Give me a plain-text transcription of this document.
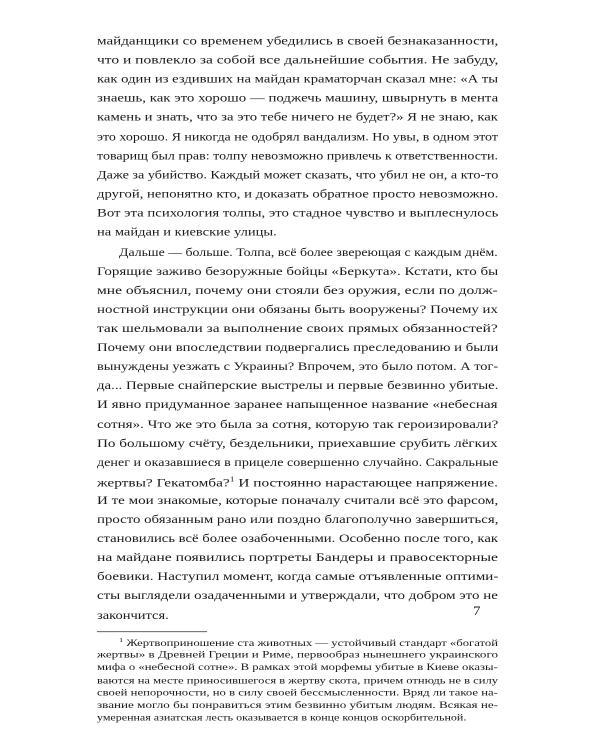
майданщики со временем убедились в своей безнаказанности,
что и повлекло за собой все дальнейшие события. Не забуду,
как один из ездивших на майдан краматорчан сказал мне: «А ты
знаешь, как это хорошо — поджечь машину, швырнуть в мента
камень и знать, что за это тебе ничего не будет?» Я не знаю, как
это хорошо. Я никогда не одобрял вандализм. Но увы, в одном этот
товарищ был прав: толпу невозможно привлечь к ответственности.
Даже за убийство. Каждый может сказать, что убил не он, а кто-то
другой, непонятно кто, и доказать обратное просто невозможно.
Вот эта психология толпы, это стадное чувство и выплеснулось
на майдан и киевские улицы.
Дальше — больше. Толпа, всё более звереющая с каждым днём.
Горящие заживо безоружные бойцы «Беркута». Кстати, кто бы
мне объяснил, почему они стояли без оружия, если по долж-
ностной инструкции они обязаны быть вооружены? Почему их
так шельмовали за выполнение своих прямых обязанностей?
Почему они впоследствии подвергались преследованию и были
вынуждены уезжать с Украины? Впрочем, это было потом. А тог-
да... Первые снайперские выстрелы и первые безвинно убитые.
И явно придуманное заранее напыщенное название «небесная
сотня». Что же это была за сотня, которую так героизировали?
По большому счёту, бездельники, приехавшие срубить лёгких
денег и оказавшиеся в прицеле совершенно случайно. Сакральные
жертвы? Гекатомба?$^1$ И постоянно нарастающее напряжение.
И те мои знакомые, которые поначалу считали всё это фарсом,
просто обязанным рано или поздно благополучно завершиться,
становились всё более озабоченными. Особенно после того, как
на майдане появились портреты Бандеры и правосекторные
боевики. Наступил момент, когда самые отъявленные оптими-
сты выглядели озадаченными и утверждали, что добром это не
закончится.
$^1$ Жертвоприношение ста животных — устойчивый стандарт «богатой
жертвы» в Древней Греции и Риме, первообраз нынешнего украинского
мифа о «небесной сотне». В рамках этой морфемы убитые в Киеве оказы-
ваются на месте приносившегося в жертву скота, причем отнюдь не в силу
своей непорочности, но в силу своей бессмысленности. Вряд ли такое на-
звание могло бы понравиться этим безвинно убитым людям. Всякая не-
умеренная азиатская лесть оказывается в конце концов оскорбительной.
7
